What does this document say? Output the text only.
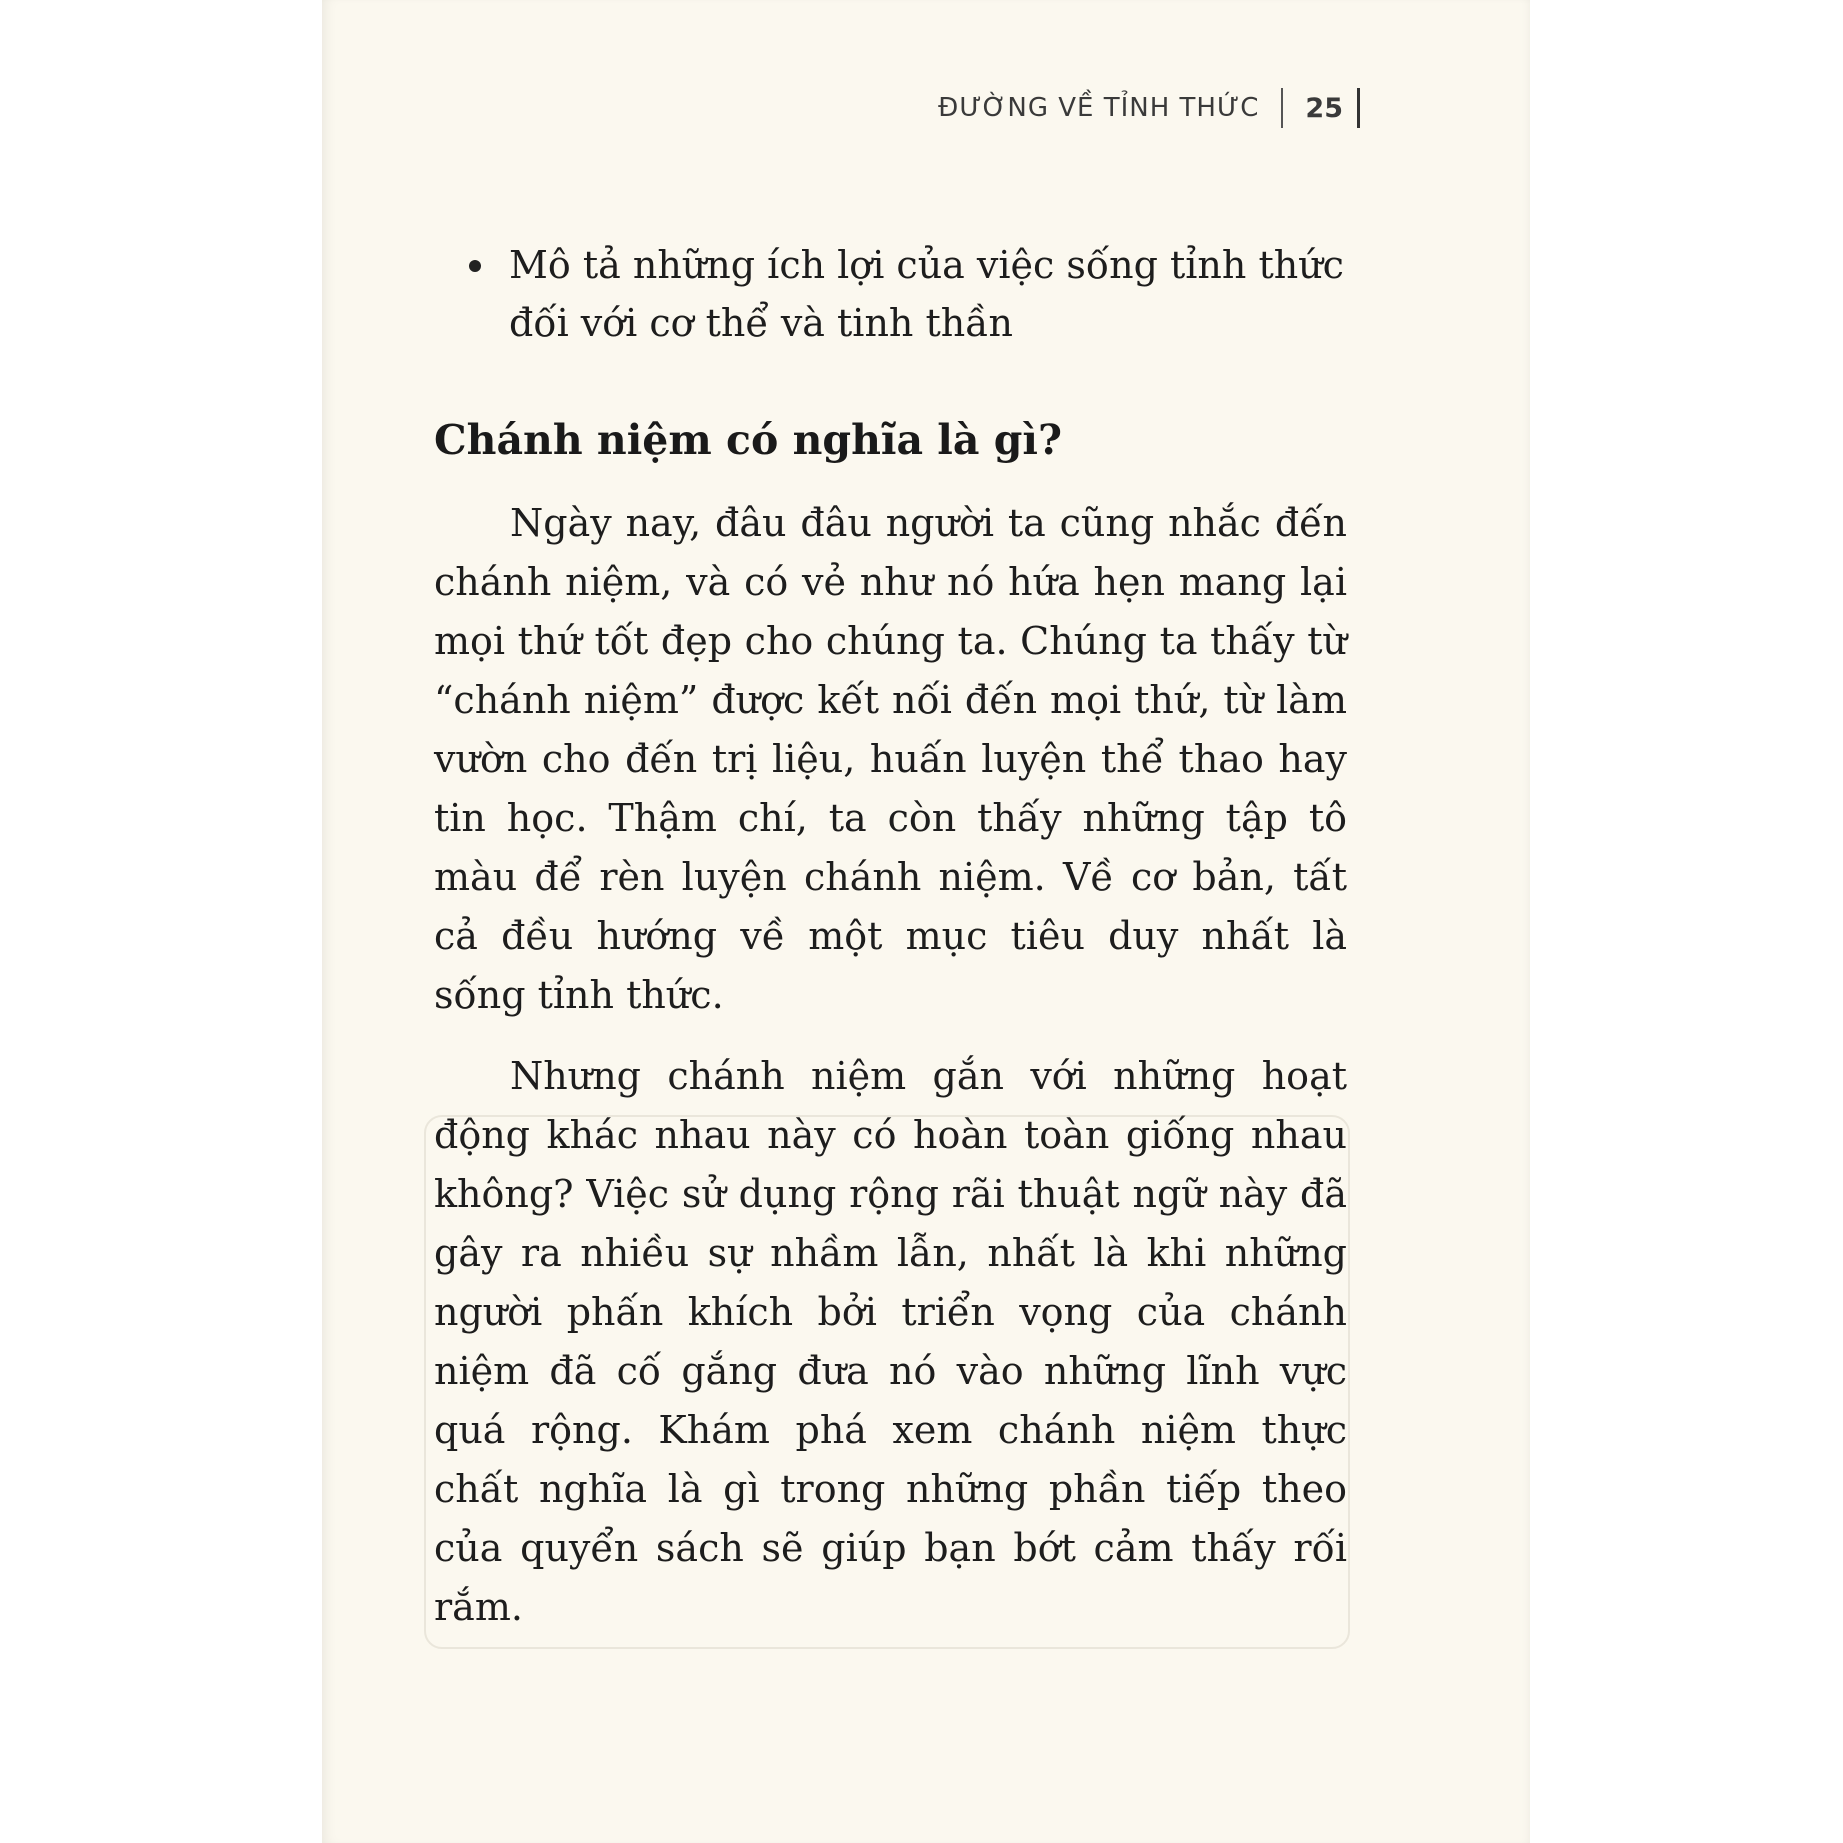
ĐƯỜNG VỀ TỈNH THỨC 25
Mô tả những ích lợi của việc sống tỉnh thức đối với cơ thể và tinh thần
Chánh niệm có nghĩa là gì?

Ngày nay, đâu đâu người ta cũng nhắc đến chánh niệm, và có vẻ như nó hứa hẹn mang lại mọi thứ tốt đẹp cho chúng ta. Chúng ta thấy từ “chánh niệm” được kết nối đến mọi thứ, từ làm vườn cho đến trị liệu, huấn luyện thể thao hay tin học. Thậm chí, ta còn thấy những tập tô màu để rèn luyện chánh niệm. Về cơ bản, tất cả đều hướng về một mục tiêu duy nhất là sống tỉnh thức.

Nhưng chánh niệm gắn với những hoạt động khác nhau này có hoàn toàn giống nhau không? Việc sử dụng rộng rãi thuật ngữ này đã gây ra nhiều sự nhầm lẫn, nhất là khi những người phấn khích bởi triển vọng của chánh niệm đã cố gắng đưa nó vào những lĩnh vực quá rộng. Khám phá xem chánh niệm thực chất nghĩa là gì trong những phần tiếp theo của quyển sách sẽ giúp bạn bớt cảm thấy rối rắm.
